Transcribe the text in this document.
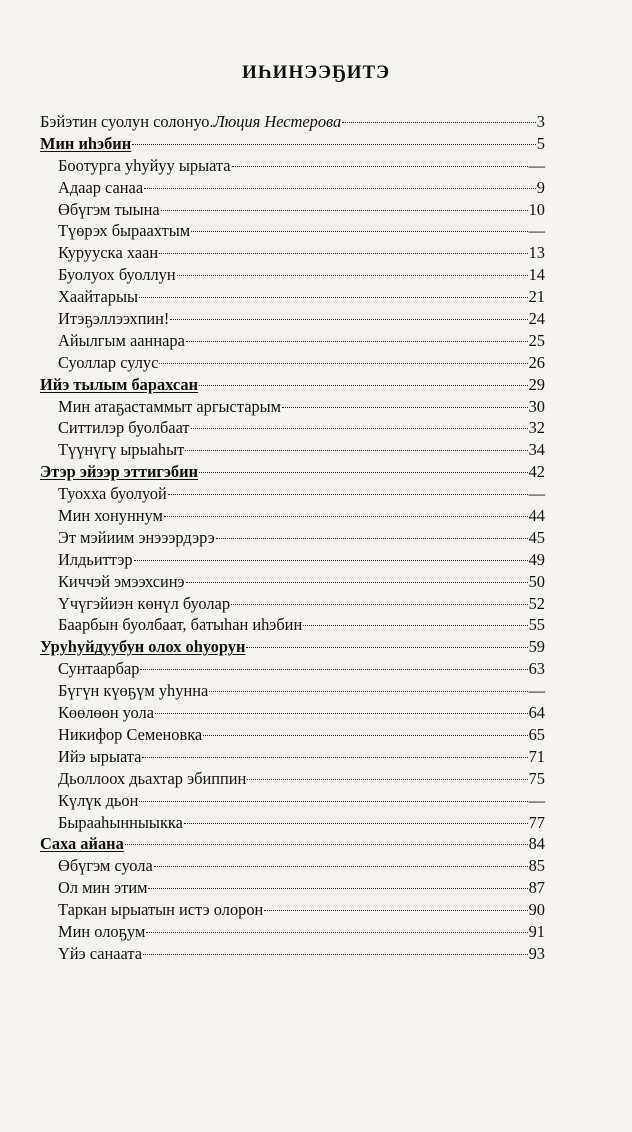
ИҺИНЭЭҔИТЭ
Бэйэтин суолун солонуо. Люция Нестерова	3
Мин иһэбин	5
Боотурга уһуйуу ырыата	—
Адаар санаа	9
Өбүгэм тыына	10
Түөрэх быраахтым	—
Куруускa хаан	13
Буолуох буоллун	14
Хаайтарыы	21
Итэҕэллээхпин!	24
Айылгым ааннара	25
Суоллар сулус	26
Ийэ тылым барахсан	29
Мин атаҕастаммыт аргыстарым	30
Ситтилэр буолбаат	32
Түүнүгү ырыаһыт	34
Этэр эйээр эттигэбин	42
Туохха буолуой	—
Мин хонуннум	44
Эт мэйиим энэээрдэрэ	45
Илдьиттэр	49
Киччэй эмээхсинэ	50
Үчүгэйиэн көнүл буолар	52
Баарбын буолбаат, батыһан иһэбин	55
Уруһуйдуубун олох оһуорун	59
Сунтаарбар	63
Бүгүн күөҕүм уһунна	—
Көөлөөн уола	64
Никифор Семеновка	65
Ийэ ырыата	71
Дьоллоох дьахтар эбиппин	75
Күлүк дьон	—
Бырааһынныыкка	77
Саха айана	84
Өбүгэм суола	85
Ол мин этим	87
Таркан ырыатын истэ олорон	90
Мин олоҕум	91
Үйэ санаата	93
